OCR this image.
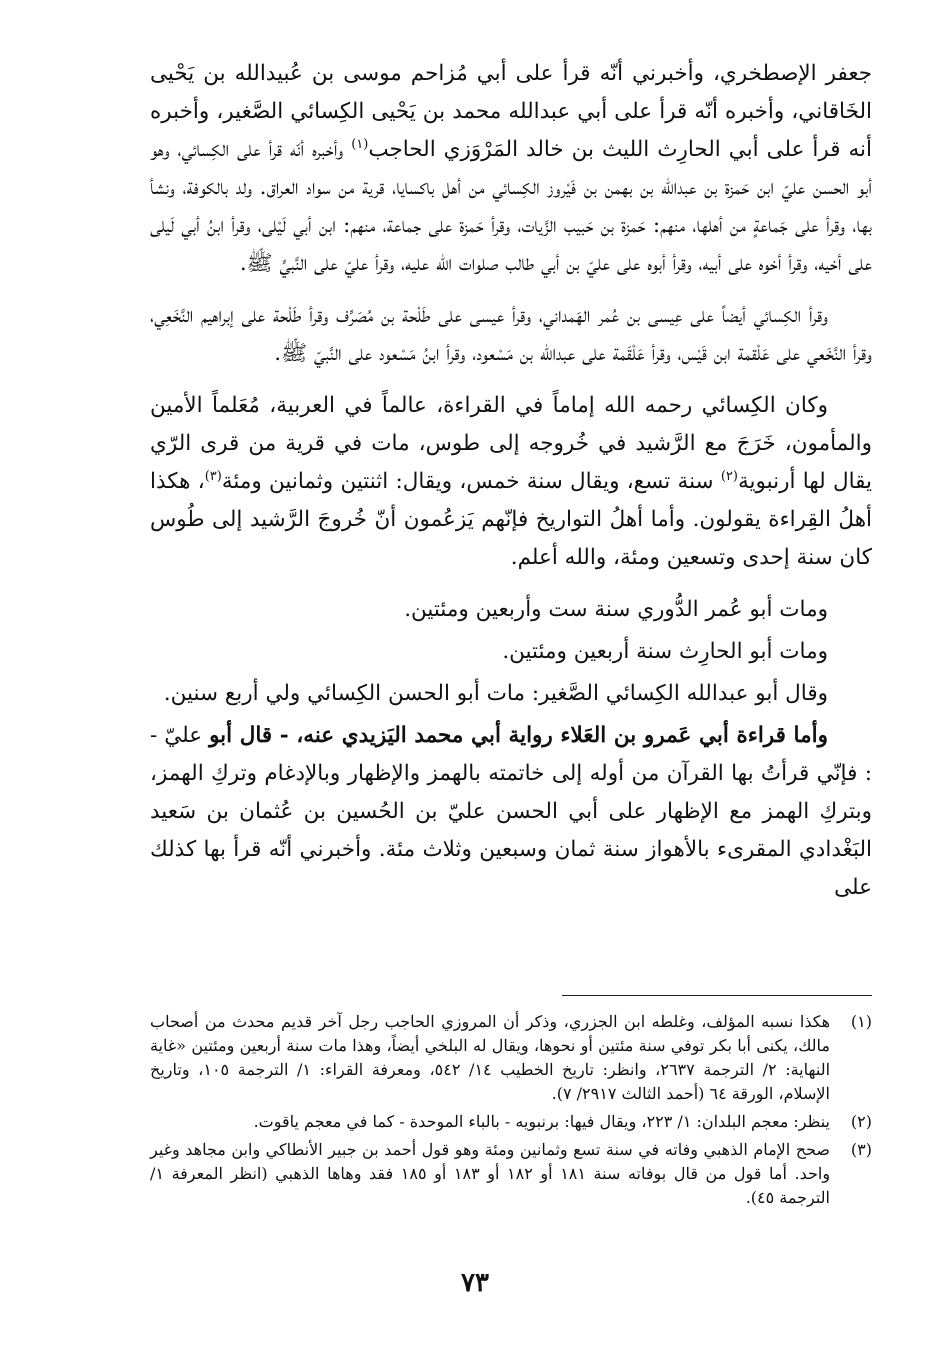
جعفر الإصطخري، وأخبرني أنّه قرأ على أبي مُزاحم موسى بن عُبيدالله بن يَحْيى الخَاقاني، وأخبره أنّه قرأ على أبي عبدالله محمد بن يَحْيى الكِسائي الصَّغير، وأخبره أنه قرأ على أبي الحارِث الليث بن خالد المَرْوَزي الحاجب$^{(١)}$ وأخبره أنّه قرأ على الكِسائي، وهو أبو الحسن عليّ ابن حَمزة بن عبدالله بن بهمن بن فَيْروز الكِسائي من أهل باكسايا، قرية من سواد العراق. ولد بالكوفة، ونشأ بها، وقرأ على جَماعةٍ من أهلها، منهم: حَمزة بن حَبيب الزَّيات، وقرأ حَمزة على جماعة، منهم: ابن أبي لَيْلى، وقرأ ابنُ أبي لَيلى على أخيه، وقرأ أخوه على أبيه، وقرأ أبوه على عليّ بن أبي طالب صلوات الله عليه، وقرأ عليّ على النَّبيِّ ﷺ.

وقرأ الكِسائي أيضاً على عِيسى بن عُمر الهَمداني، وقرأ عيسى على طَلْحة بن مُصَرِّف وقرأ طَلْحة على إبراهيم النَّخَعِي، وقرأ النَّخَعي على عَلْقمة ابن قَيْس، وقرأ عَلْقَمة على عبدالله بن مَسْعود، وقرأ ابنُ مَسْعود على النَّبيّ ﷺ.

وكان الكِسائي رحمه الله إماماً في القراءة، عالماً في العربية، مُعَلماً الأمين والمأمون، خَرَجَ مع الرَّشيد في خُروجه إلى طوس، مات في قرية من قرى الرّي يقال لها أرنبوية$^{(٢)}$ سنة تسع، ويقال سنة خمس، ويقال: اثنتين وثمانين ومئة$^{(٣)}$، هكذا أهلُ القِراءة يقولون. وأما أهلُ التواريخ فإنّهم يَزعُمون أنّ خُروجَ الرَّشيد إلى طُوس كان سنة إحدى وتسعين ومئة، والله أعلم.

ومات أبو عُمر الدُّوري سنة ست وأربعين ومئتين.

ومات أبو الحارِث سنة أربعين ومئتين.

وقال أبو عبدالله الكِسائي الصَّغير: مات أبو الحسن الكِسائي ولي أربع سنين.

وأما قراءة أبي عَمرو بن العَلاء رواية أبي محمد اليَزيدي عنه، - قال أبو عليّ - : فإنّي قرأتُ بها القرآن من أوله إلى خاتمته بالهمز والإظهار وبالإدغام وتركِ الهمز، وبتركِ الهمز مع الإظهار على أبي الحسن عليّ بن الحُسين بن عُثمان بن سَعيد البَغْدادي المقرىء بالأهواز سنة ثمان وسبعين وثلاث مئة. وأخبرني أنّه قرأ بها كذلك على

(١)
هكذا نسبه المؤلف، وغلطه ابن الجزري، وذكر أن المروزي الحاجب رجل آخر قديم محدث من أصحاب مالك، يكنى أبا بكر توفي سنة مئتين أو نحوها، ويقال له البلخي أيضاً، وهذا مات سنة أربعين ومئتين «غاية النهاية: ٢/ الترجمة ٢٦٣٧، وانظر: تاريخ الخطيب ١٤/ ٥٤٢، ومعرفة القراء: ١/ الترجمة ١٠٥، وتاريخ الإسلام، الورقة ٦٤ (أحمد الثالث ٢٩١٧/ ٧).
(٢)
ينظر: معجم البلدان: ١/ ٢٢٣، ويقال فيها: برنبويه - بالباء الموحدة - كما في معجم ياقوت.
(٣)
صحح الإمام الذهبي وفاته في سنة تسع وثمانين ومئة وهو قول أحمد بن جبير الأنطاكي وابن مجاهد وغير واحد. أما قول من قال بوفاته سنة ١٨١ أو ١٨٢ أو ١٨٣ أو ١٨٥ فقد وهاها الذهبي (انظر المعرفة ١/ الترجمة ٤٥).
٧٣
